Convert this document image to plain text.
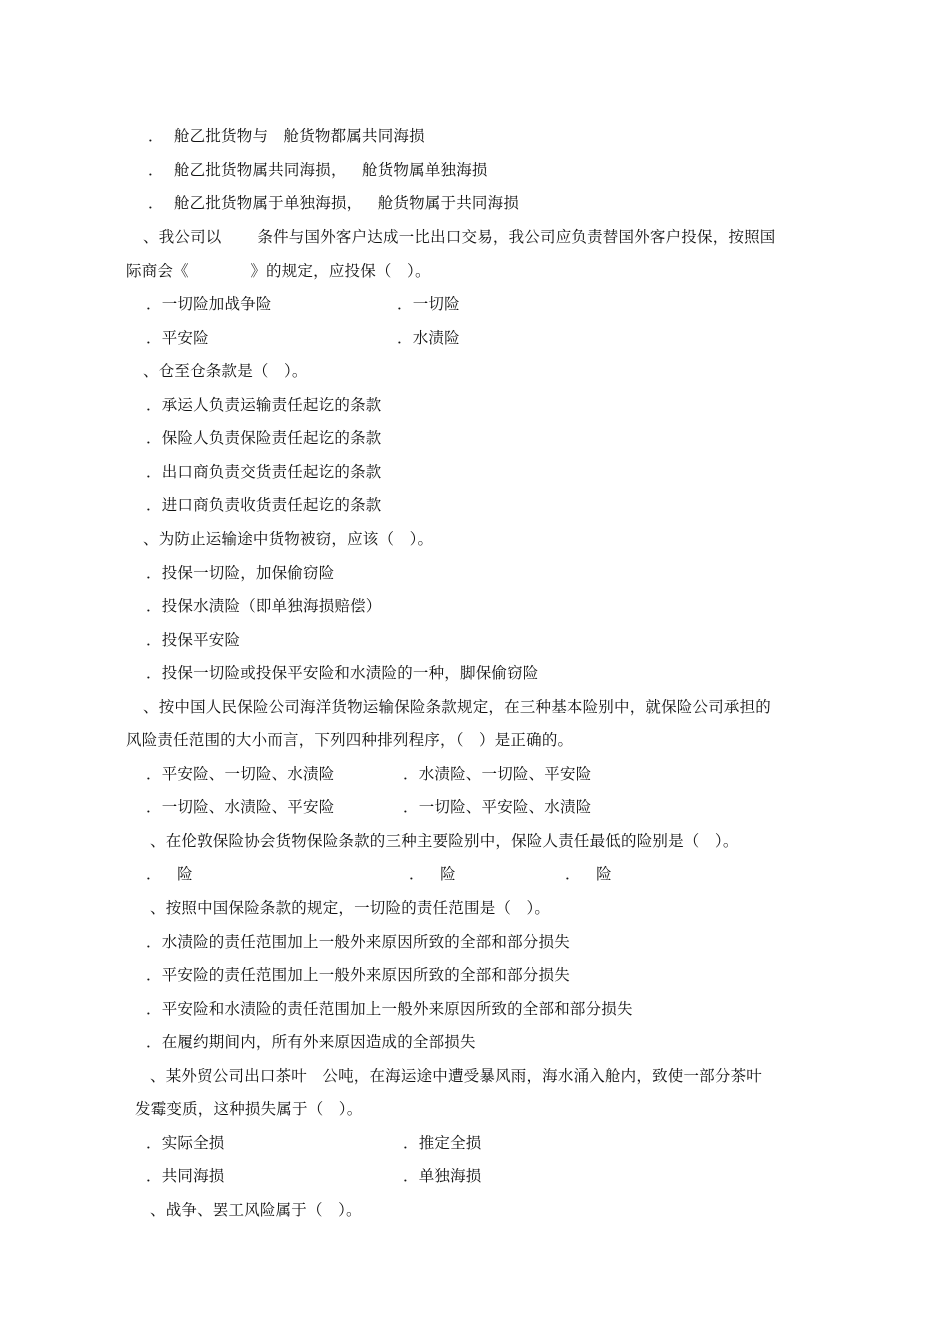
．  舱乙批货物与   舱货物都属共同海损
．  舱乙批货物属共同海损，   舱货物属单独海损
．  舱乙批货物属于单独海损，   舱货物属于共同海损
、我公司以       条件与国外客户达成一比出口交易，我公司应负责替国外客户投保，按照国
际商会《            》的规定，应投保（   ）。
．一切险加战争险	．一切险
．平安险	．水渍险
、仓至仓条款是（   ）。
．承运人负责运输责任起讫的条款
．保险人负责保险责任起讫的条款
．出口商负责交货责任起讫的条款
．进口商负责收货责任起讫的条款
、为防止运输途中货物被窃，应该（   ）。
．投保一切险，加保偷窃险
．投保水渍险（即单独海损赔偿）
．投保平安险
．投保一切险或投保平安险和水渍险的一种，脚保偷窃险
、按中国人民保险公司海洋货物运输保险条款规定，在三种基本险别中，就保险公司承担的
风险责任范围的大小而言，下列四种排列程序，（   ）是正确的。
．平安险、一切险、水渍险	．水渍险、一切险、平安险
．一切险、水渍险、平安险	．一切险、平安险、水渍险
、在伦敦保险协会货物保险条款的三种主要险别中，保险人责任最低的险别是（   ）。
．   险	．   险	．   险
、按照中国保险条款的规定，一切险的责任范围是（   ）。
．水渍险的责任范围加上一般外来原因所致的全部和部分损失
．平安险的责任范围加上一般外来原因所致的全部和部分损失
．平安险和水渍险的责任范围加上一般外来原因所致的全部和部分损失
．在履约期间内，所有外来原因造成的全部损失
、某外贸公司出口茶叶   公吨，在海运途中遭受暴风雨，海水涌入舱内，致使一部分茶叶
发霉变质，这种损失属于（   ）。
．实际全损	．推定全损
．共同海损	．单独海损
、战争、罢工风险属于（   ）。
